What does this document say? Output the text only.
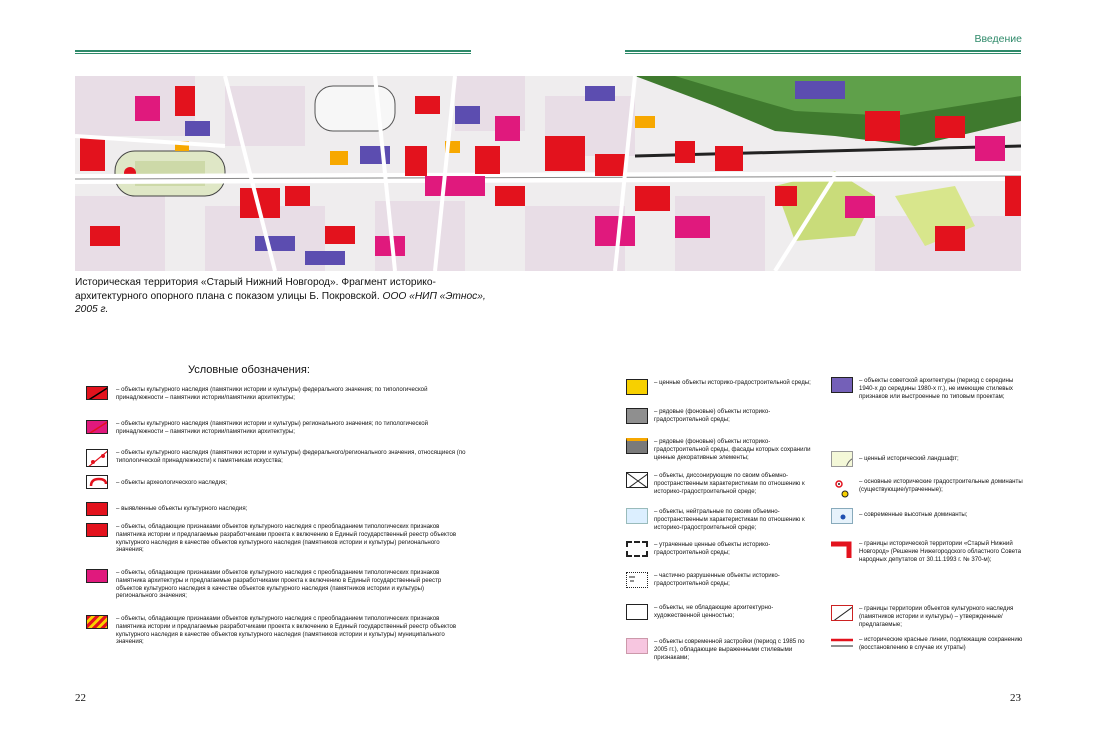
Введение
Историческая территория «Старый Нижний Новгород». Фрагмент историко-архитектурного опорного плана с показом улицы Б. Покровской. ООО «НИП «Этнос», 2005 г.
Условные обозначения:
– объекты культурного наследия (памятники истории и культуры) федерального значения; по типологической принадлежности – памятники истории/памятники архитектуры;
– объекты культурного наследия (памятники истории и культуры) регионального значения; по типологической принадлежности – памятники истории/памятники архитектуры;
– объекты культурного наследия (памятники истории и культуры) федерального/регионального значения, относящиеся (по типологической принадлежности) к памятникам искусства;
– объекты археологического наследия;
– выявленные объекты культурного наследия;
– объекты, обладающие признаками объектов культурного наследия с преобладанием типологических признаков памятника истории и предлагаемые разработчиками проекта к включению в Единый государственный реестр объектов культурного наследия в качестве объектов культурного наследия (памятников истории и культуры) регионального значения;
– объекты, обладающие признаками объектов культурного наследия с преобладанием типологических признаков памятника архитектуры и предлагаемые разработчиками проекта к включению в Единый государственный реестр объектов культурного наследия в качестве объектов культурного наследия (памятников истории и культуры) регионального значения;
– объекты, обладающие признаками объектов культурного наследия с преобладанием типологических признаков памятника истории и предлагаемые разработчиками проекта к включению в Единый государственный реестр объектов культурного наследия в качестве объектов культурного наследия (памятников истории и культуры) муниципального значения;
– ценные объекты историко-градостроительной среды;
– рядовые (фоновые) объекты историко-градостроительной среды;
– рядовые (фоновые) объекты историко-градостроительной среды, фасады которых сохранили ценные декоративные элементы;
– объекты, диссонирующие по своим объемно-пространственным характеристикам по отношению к историко-градостроительной среде;
– объекты, нейтральные по своим объемно-пространственным характеристикам по отношению к историко-градостроительной среде;
– утраченные ценные объекты историко-градостроительной среды;
– частично разрушенные объекты историко-градостроительной среды;
– объекты, не обладающие архитектурно-художественной ценностью;
– объекты современной застройки (период с 1985 по 2005 гг.), обладающие выраженными стилевыми признаками;
– объекты советской архитектуры (период с середины 1940-х до середины 1980-х гг.), не имеющие стилевых признаков или выстроенные по типовым проектам;
– ценный исторический ландшафт;
– основные исторические градостроительные доминанты (существующие/утраченные);
– современные высотные доминанты;
– границы исторической территории «Старый Нижний Новгород» (Решение Нижегородского областного Совета народных депутатов от 30.11.1993 г. № 370-м);
– границы территории объектов культурного наследия (памятников истории и культуры) – утвержденные/предлагаемые;
– исторические красные линии, подлежащие сохранению (восстановлению в случае их утраты)
22	23
